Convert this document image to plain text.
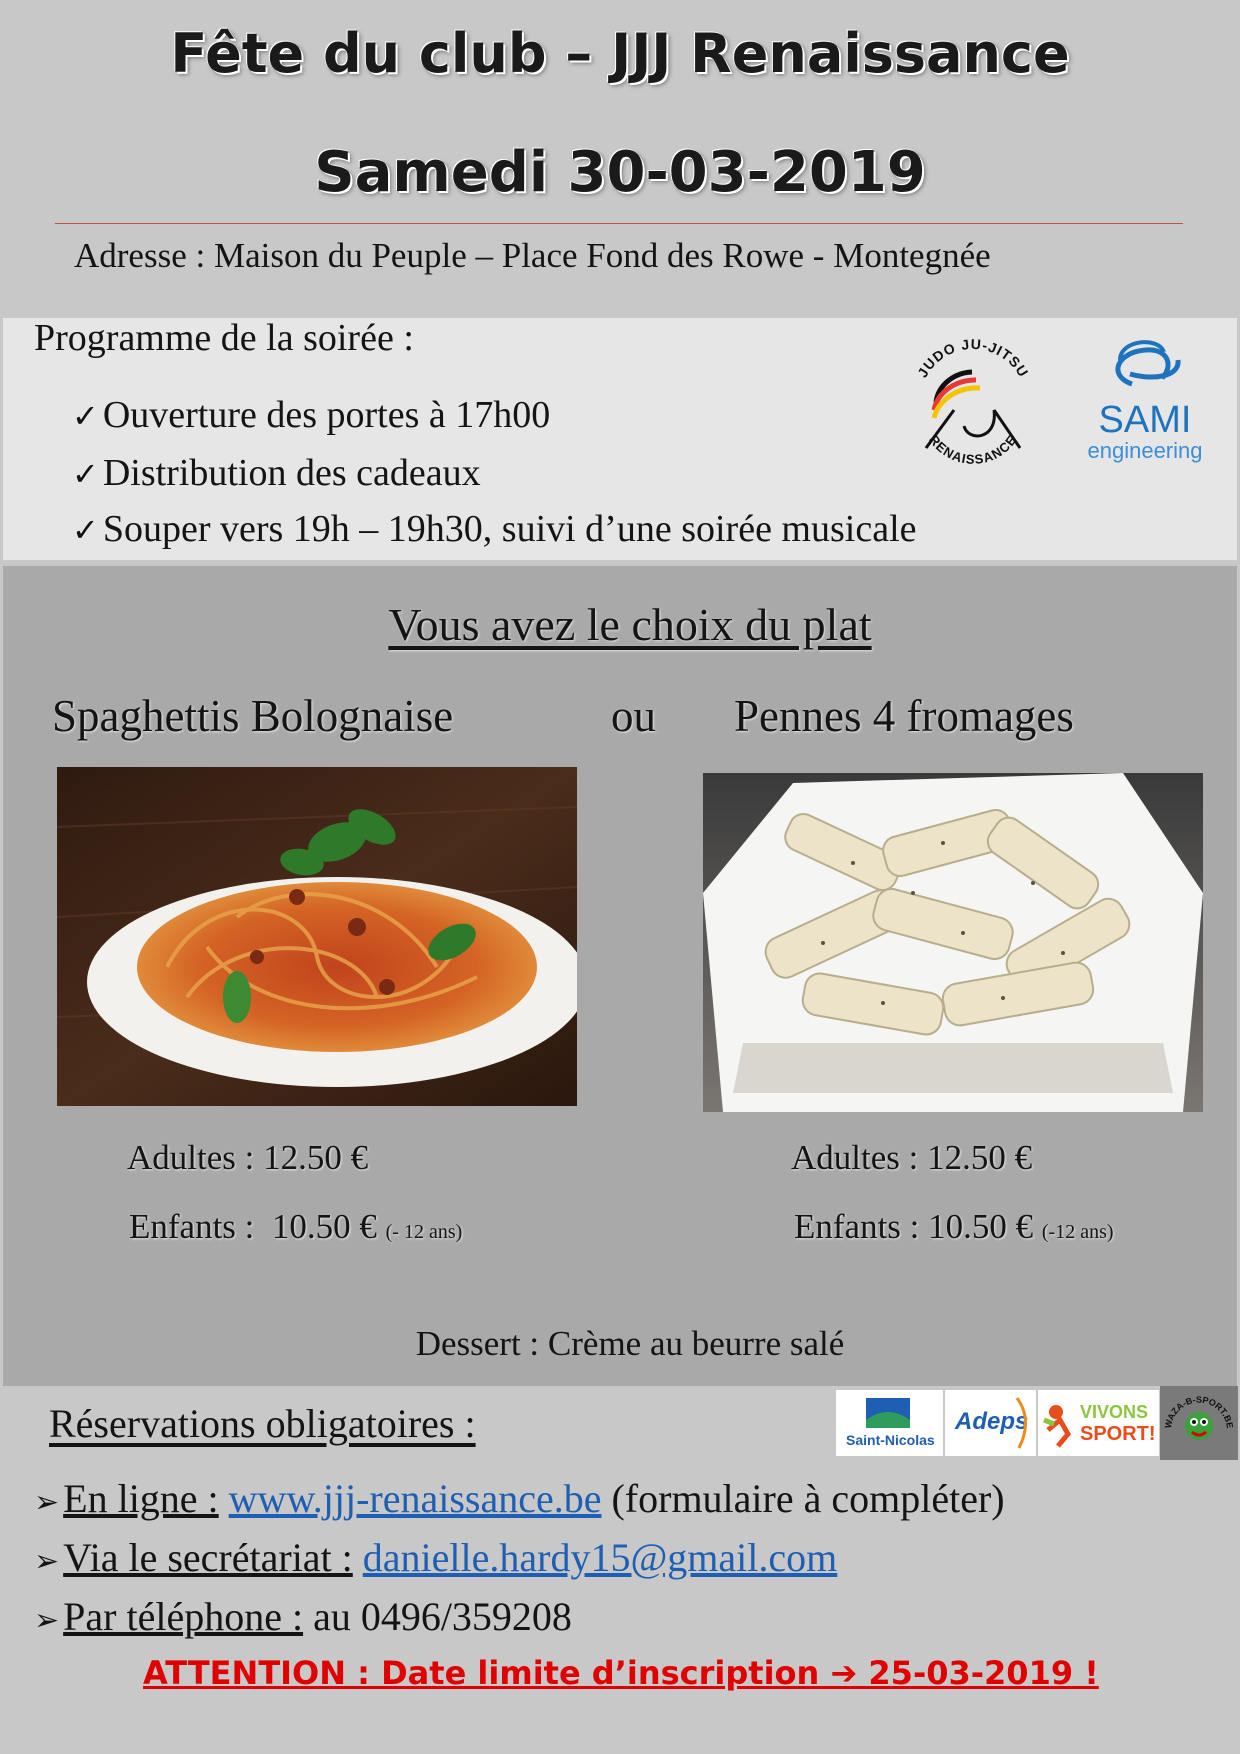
Fête du club – JJJ Renaissance
Samedi 30-03-2019
Adresse : Maison du Peuple – Place Fond des Rowe - Montegnée
Programme de la soirée :
✓ Ouverture des portes à 17h00
✓ Distribution des cadeaux
✓ Souper vers 19h – 19h30, suivi d’une soirée musicale
JUDO JU-JITSU
RENAISSANCE SAMI
engineering
Vous avez le choix du plat
Spaghettis Bolognaise	ou Pennes 4 fromages
Adultes : 12.50 €
Enfants : 10.50 € (- 12 ans)
Adultes : 12.50 €
Enfants : 10.50 € (-12 ans)
Dessert : Crème au beurre salé
Réservations obligatoires :	Saint-Nicolas
Adeps	VIVONS
SPORT! WAZA-B-SPORT.BE
➢ En ligne : www.jjj-renaissance.be (formulaire à compléter)
➢ Via le secrétariat : danielle.hardy15@gmail.com
➢ Par téléphone : au 0496/359208
ATTENTION : Date limite d’inscription ➔ 25-03-2019 !
